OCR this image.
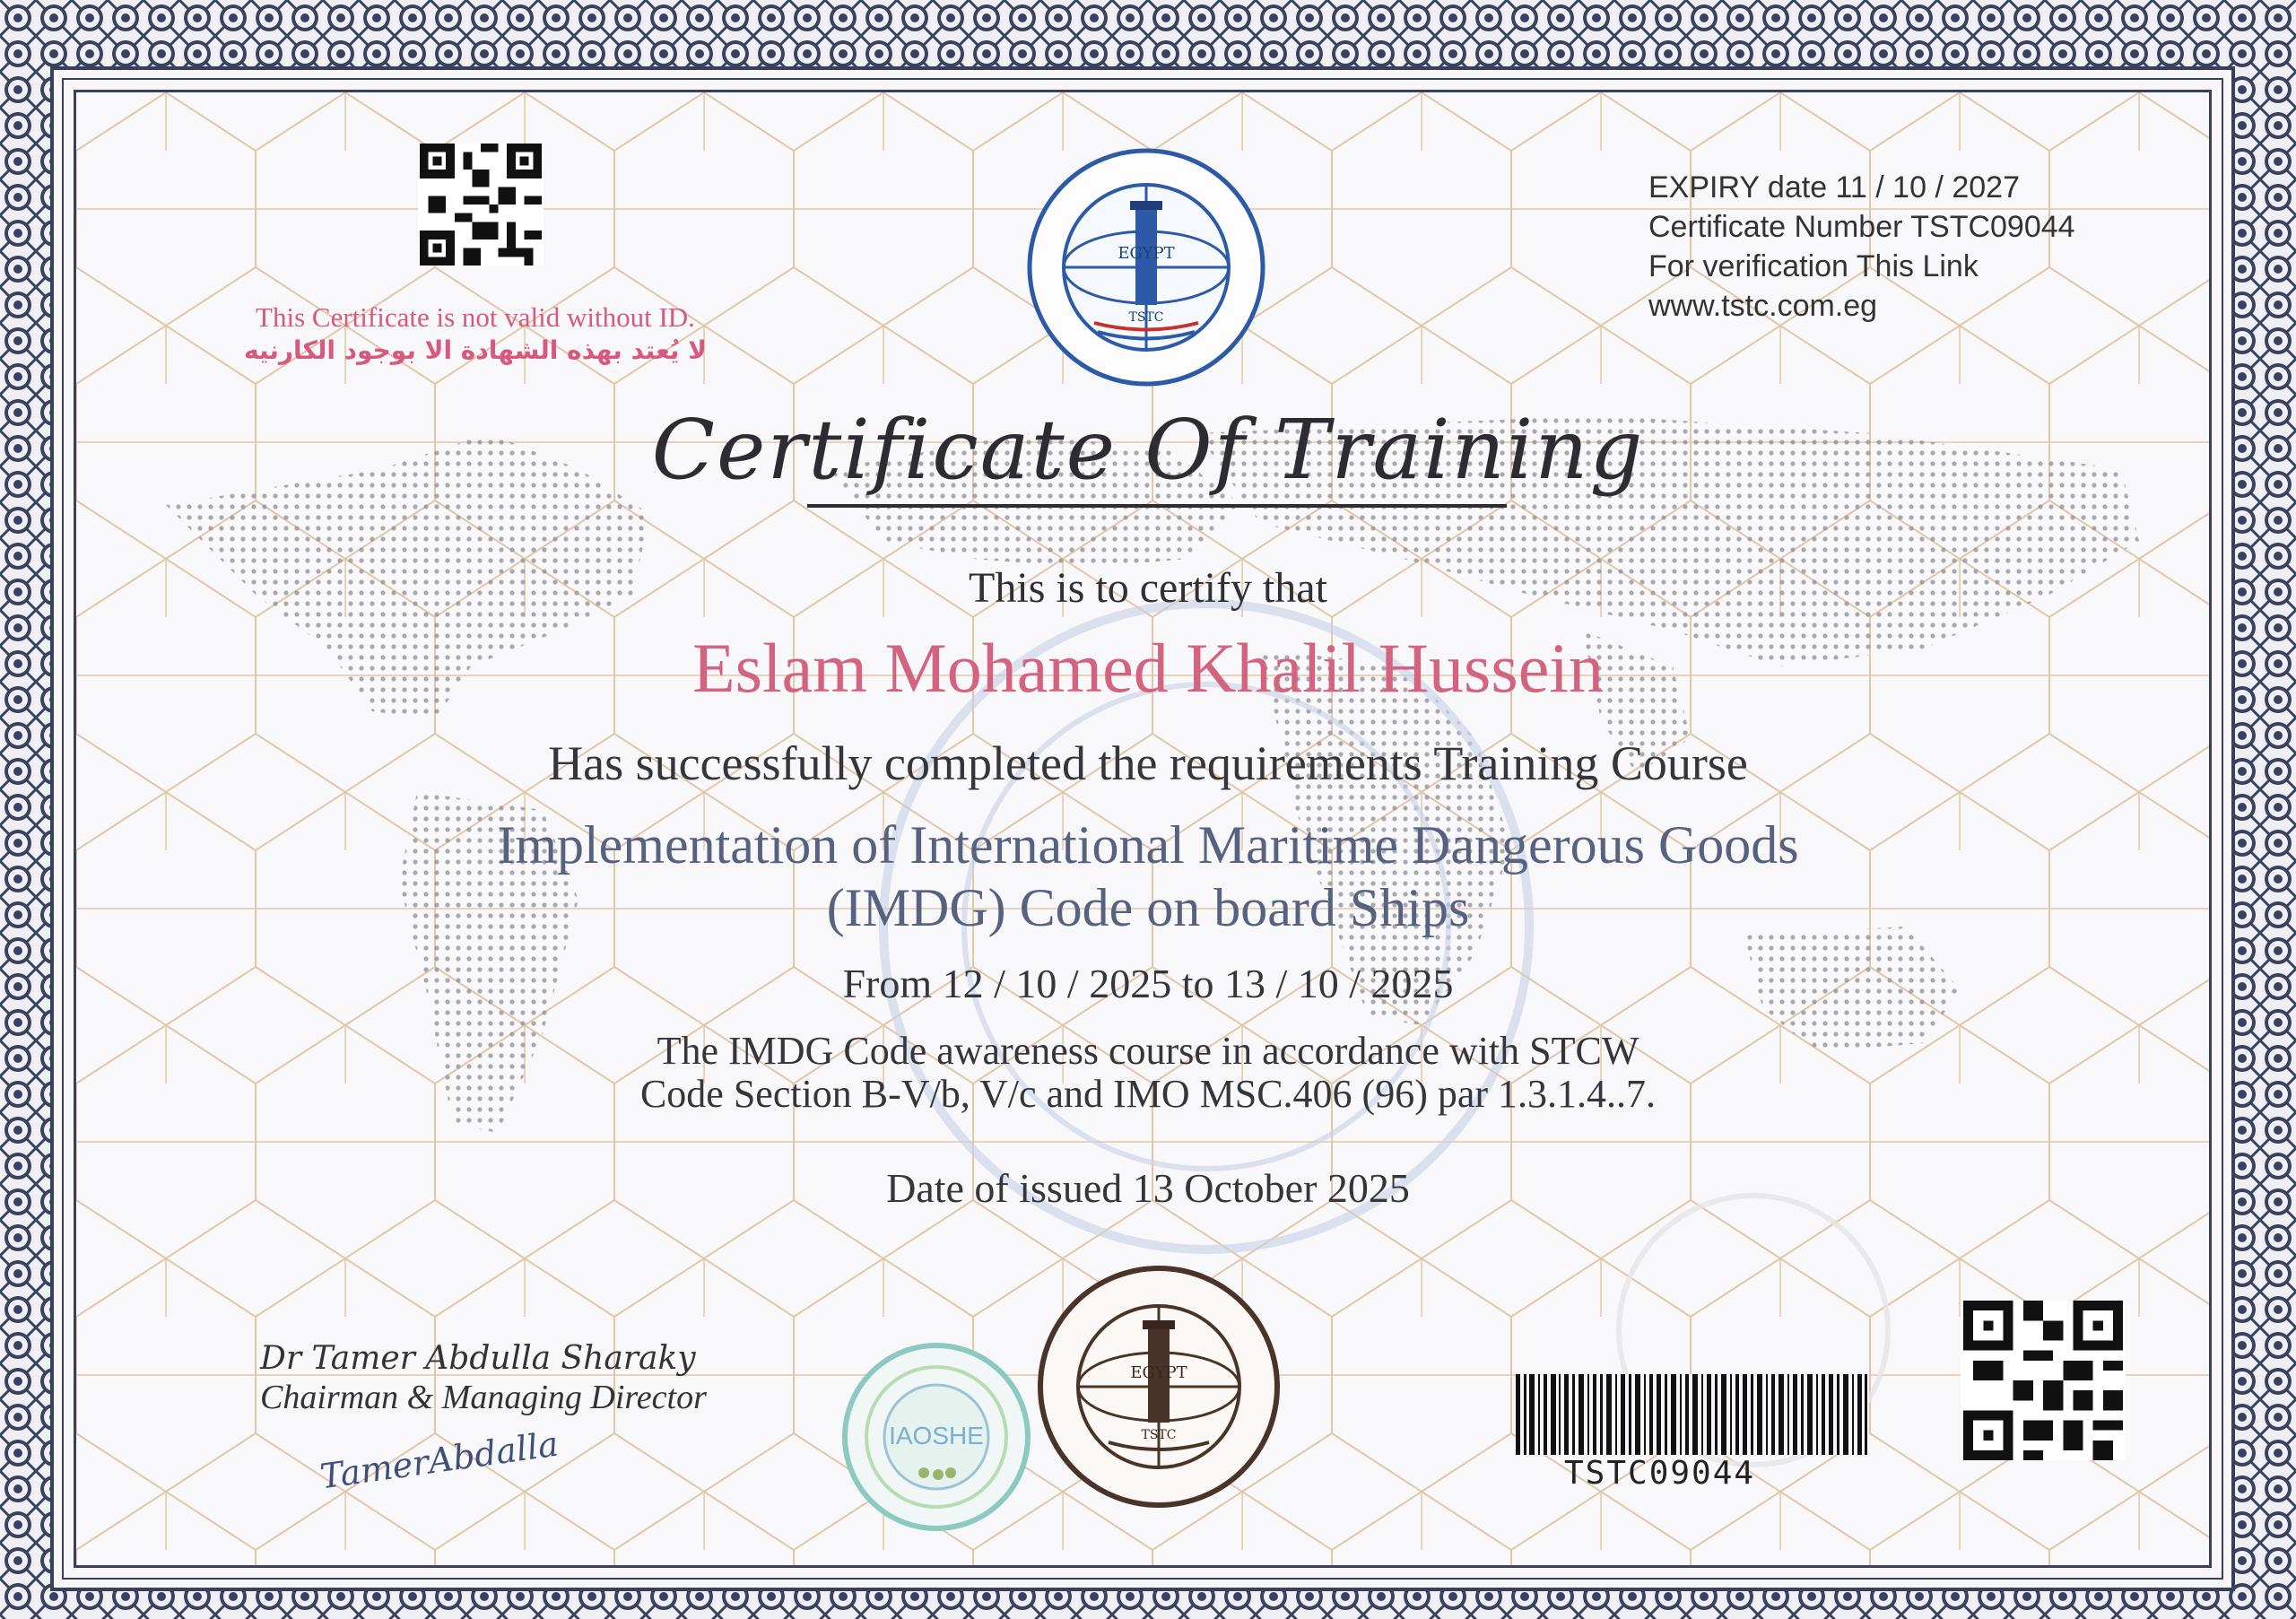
This Certificate is not valid without ID.
لا يُعتد بهذه الشهادة الا بوجود الكارنيه
EGYPT
TSTC
EXPIRY date 11 / 10 / 2027
Certificate Number TSTC09044
For verification This Link
www.tstc.com.eg
Certificate Of Training
This is to certify that
Eslam Mohamed Khalil Hussein
Has successfully completed the requirements Training Course
Implementation of International Maritime Dangerous Goods
(IMDG) Code on board Ships
From 12 / 10 / 2025 to 13 / 10 / 2025
The IMDG Code awareness course in accordance with STCW
Code Section B-V/b, V/c and IMO MSC.406 (96) par 1.3.1.4..7.
Date of issued 13 October 2025
Dr Tamer Abdulla Sharaky
Chairman & Managing Director
TamerAbdalla	IAOSHE
EGYPT
TSTC
TSTC09044
